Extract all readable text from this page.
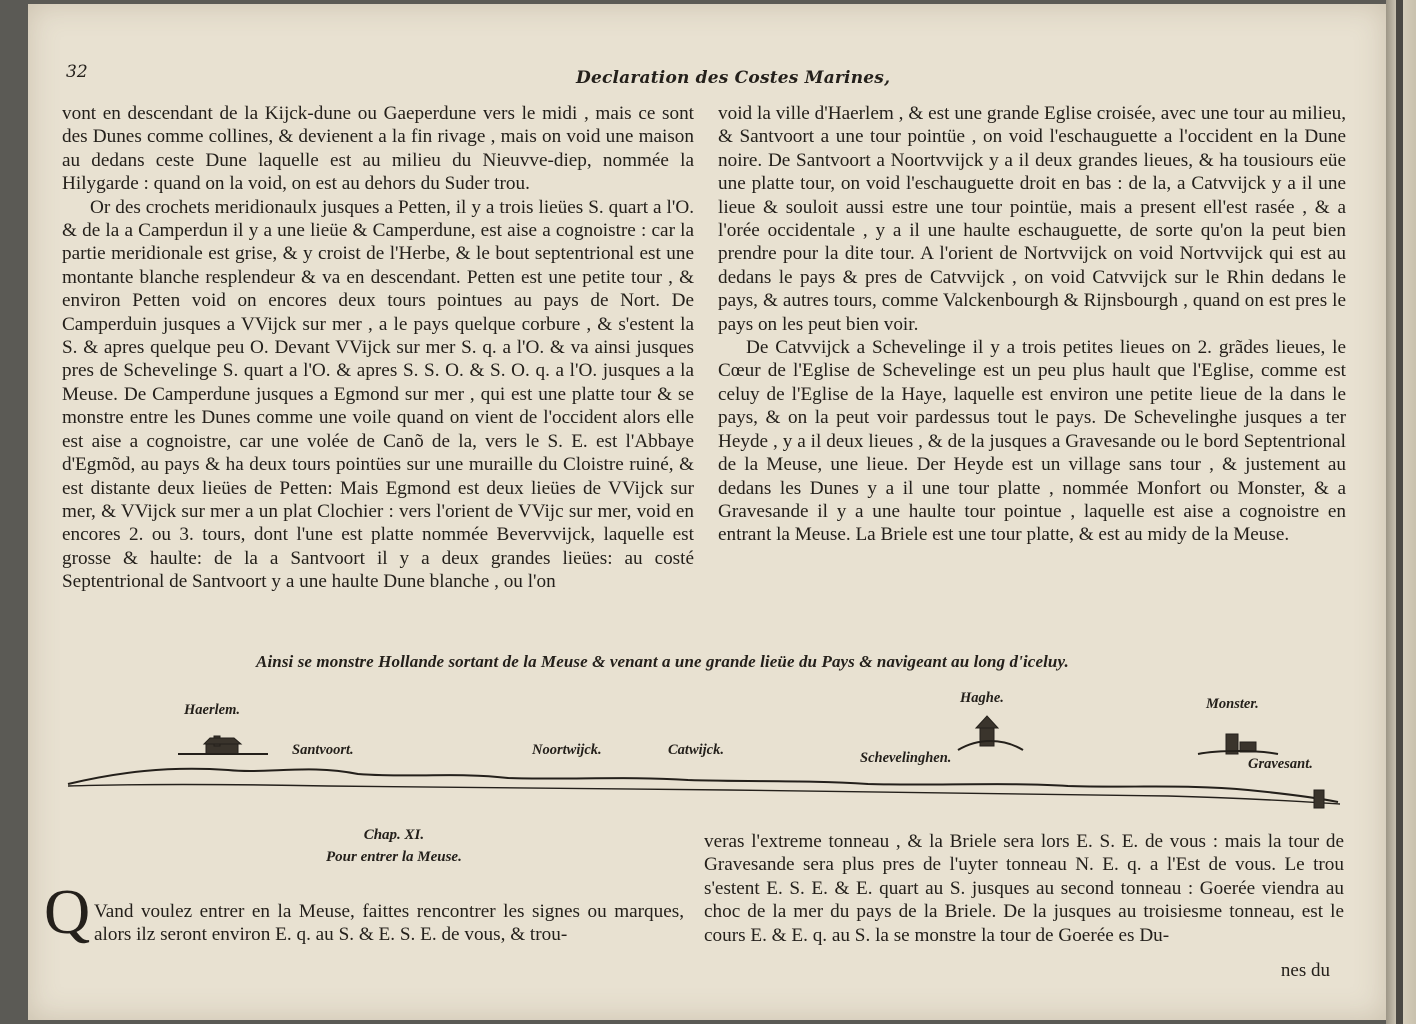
32	Declaration des Costes Marines,

vont en descendant de la Kijck-dune ou Gaeperdune vers le midi , mais ce sont des Dunes comme collines, & devienent a la fin rivage , mais on void une maison au dedans ceste Dune laquelle est au milieu du Nieuvve-diep, nommée la Hilygarde : quand on la void, on est au dehors du Suder trou.

Or des crochets meridionaulx jusques a Petten, il y a trois lieües S. quart a l'O. & de la a Camperdun il y a une lieüe & Camperdune, est aise a cognoistre : car la partie meridionale est grise, & y croist de l'Herbe, & le bout septentrional est une montante blanche resplendeur & va en descendant. Petten est une petite tour , & environ Petten void on encores deux tours pointues au pays de Nort. De Camperduin jusques a VVijck sur mer , a le pays quelque corbure , & s'estent la S. & apres quelque peu O. Devant VVijck sur mer S. q. a l'O. & va ainsi jusques pres de Schevelinge S. quart a l'O. & apres S. S. O. & S. O. q. a l'O. jusques a la Meuse. De Camperdune jusques a Egmond sur mer , qui est une platte tour & se monstre entre les Dunes comme une voile quand on vient de l'occident alors elle est aise a cognoistre, car une volée de Canõ de la, vers le S. E. est l'Abbaye d'Egmõd, au pays & ha deux tours pointües sur une muraille du Cloistre ruiné, & est distante deux lieües de Petten: Mais Egmond est deux lieües de VVijck sur mer, & VVijck sur mer a un plat Clochier : vers l'orient de VVijc sur mer, void en encores 2. ou 3. tours, dont l'une est platte nommée Bevervvijck, laquelle est grosse & haulte: de la a Santvoort il y a deux grandes lieües: au costé Septentrional de Santvoort y a une haulte Dune blanche , ou l'on

void la ville d'Haerlem , & est une grande Eglise croisée, avec une tour au milieu, & Santvoort a une tour pointüe , on void l'eschauguette a l'occident en la Dune noire. De Santvoort a Noortvvijck y a il deux grandes lieues, & ha tousiours eüe une platte tour, on void l'eschauguette droit en bas : de la, a Catvvijck y a il une lieue & souloit aussi estre une tour pointüe, mais a present ell'est rasée , & a l'orée occidentale , y a il une haulte eschauguette, de sorte qu'on la peut bien prendre pour la dite tour. A l'orient de Nortvvijck on void Nortvvijck qui est au dedans le pays & pres de Catvvijck , on void Catvvijck sur le Rhin dedans le pays, & autres tours, comme Valckenbourgh & Rijnsbourgh , quand on est pres le pays on les peut bien voir.

De Catvvijck a Schevelinge il y a trois petites lieues on 2. grãdes lieues, le Cœur de l'Eglise de Schevelinge est un peu plus hault que l'Eglise, comme est celuy de l'Eglise de la Haye, laquelle est environ une petite lieue de la dans le pays, & on la peut voir pardessus tout le pays. De Schevelinghe jusques a ter Heyde , y a il deux lieues , & de la jusques a Gravesande ou le bord Septentrional de la Meuse, une lieue. Der Heyde est un village sans tour , & justement au dedans les Dunes y a il une tour platte , nommée Monfort ou Monster, & a Gravesande il y a une haulte tour pointue , laquelle est aise a cognoistre en entrant la Meuse. La Briele est une tour platte, & est au midy de la Meuse.

Ainsi se monstre Hollande sortant de la Meuse & venant a une grande lieüe du Pays & navigeant au long d'iceluy.
Haerlem.
Santvoort.	Noortwijck.	Catwijck.
Haghe.
Schevelinghen.
Monster.
Gravesant.
Chap. XI.
Pour entrer la Meuse.
Q Vand voulez entrer en la Meuse, faittes rencontrer les signes ou marques, alors ilz seront environ E. q. au S. & E. S. E. de vous, & trou-
veras l'extreme tonneau , & la Briele sera lors E. S. E. de vous : mais la tour de Gravesande sera plus pres de l'uyter tonneau N. E. q. a l'Est de vous. Le trou s'estent E. S. E. & E. quart au S. jusques au second tonneau : Goerée viendra au choc de la mer du pays de la Briele. De la jusques au troisiesme tonneau, est le cours E. & E. q. au S. la se monstre la tour de Goerée es Du-
nes du
